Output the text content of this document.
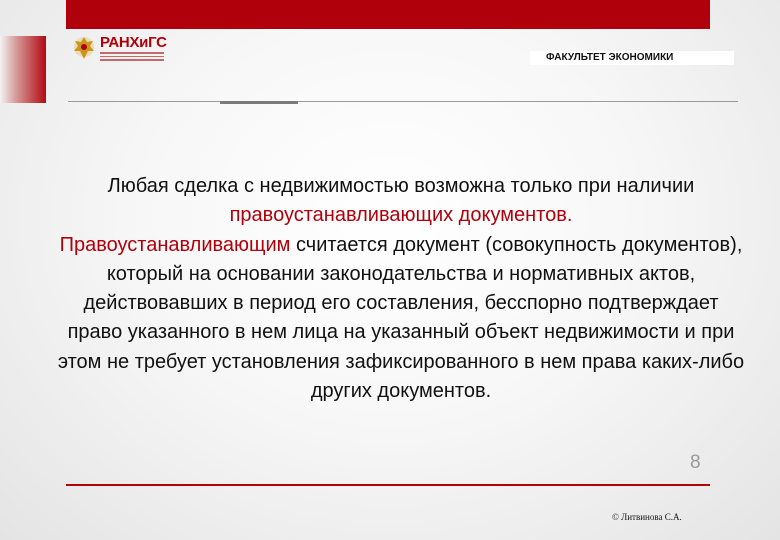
РАНХиГС
ФАКУЛЬТЕТ ЭКОНОМИКИ
Любая сделка с недвижимостью возможна только при наличии правоустанавливающих документов.
Правоустанавливающим считается документ (совокупность документов), который на основании законодательства и нормативных актов, действовавших в период его составления, бесспорно подтверждает право указанного в нем лица на указанный объект недвижимости и при этом не требует установления зафиксированного в нем права каких-либо других документов.
8
© Литвинова С.А.
